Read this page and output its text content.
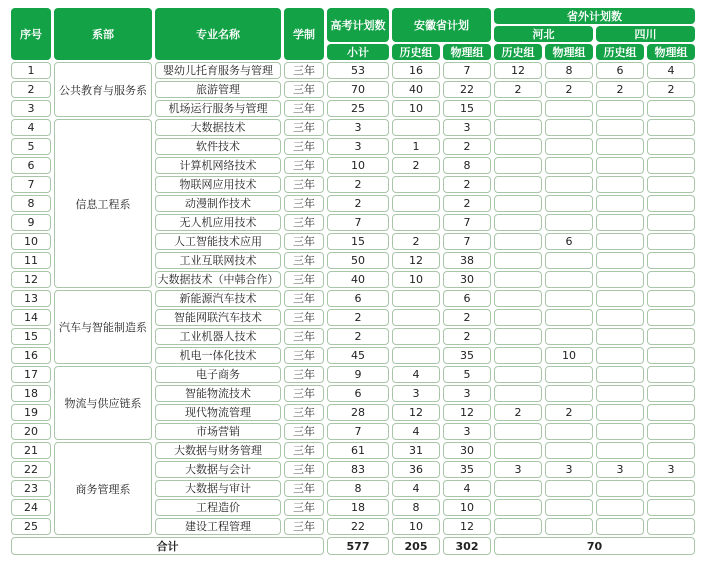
序号	系部	专业名称	学制	高考计划数	安徽省计划		省外计划数			
							河北		四川	
				小计	历史组	物理组	历史组	物理组	历史组	物理组
1	公共教育与服务系	婴幼儿托育服务与管理	三年	53	16	7	12	8	6	4
2		旅游管理	三年	70	40	22	2	2	2	2
3		机场运行服务与管理	三年	25	10	15				
4	信息工程系	大数据技术	三年	3		3				
5		软件技术	三年	3	1	2				
6		计算机网络技术	三年	10	2	8				
7		物联网应用技术	三年	2		2				
8		动漫制作技术	三年	2		2				
9		无人机应用技术	三年	7		7				
10		人工智能技术应用	三年	15	2	7		6		
11		工业互联网技术	三年	50	12	38				
12		大数据技术（中韩合作）	三年	40	10	30				
13	汽车与智能制造系	新能源汽车技术	三年	6		6				
14		智能网联汽车技术	三年	2		2				
15		工业机器人技术	三年	2		2				
16		机电一体化技术	三年	45		35		10		
17	物流与供应链系	电子商务	三年	9	4	5				
18		智能物流技术	三年	6	3	3				
19		现代物流管理	三年	28	12	12	2	2		
20		市场营销	三年	7	4	3				
21	商务管理系	大数据与财务管理	三年	61	31	30				
22		大数据与会计	三年	83	36	35	3	3	3	3
23		大数据与审计	三年	8	4	4				
24		工程造价	三年	18	8	10				
25		建设工程管理	三年	22	10	12				
合计				577	205	302	70			
